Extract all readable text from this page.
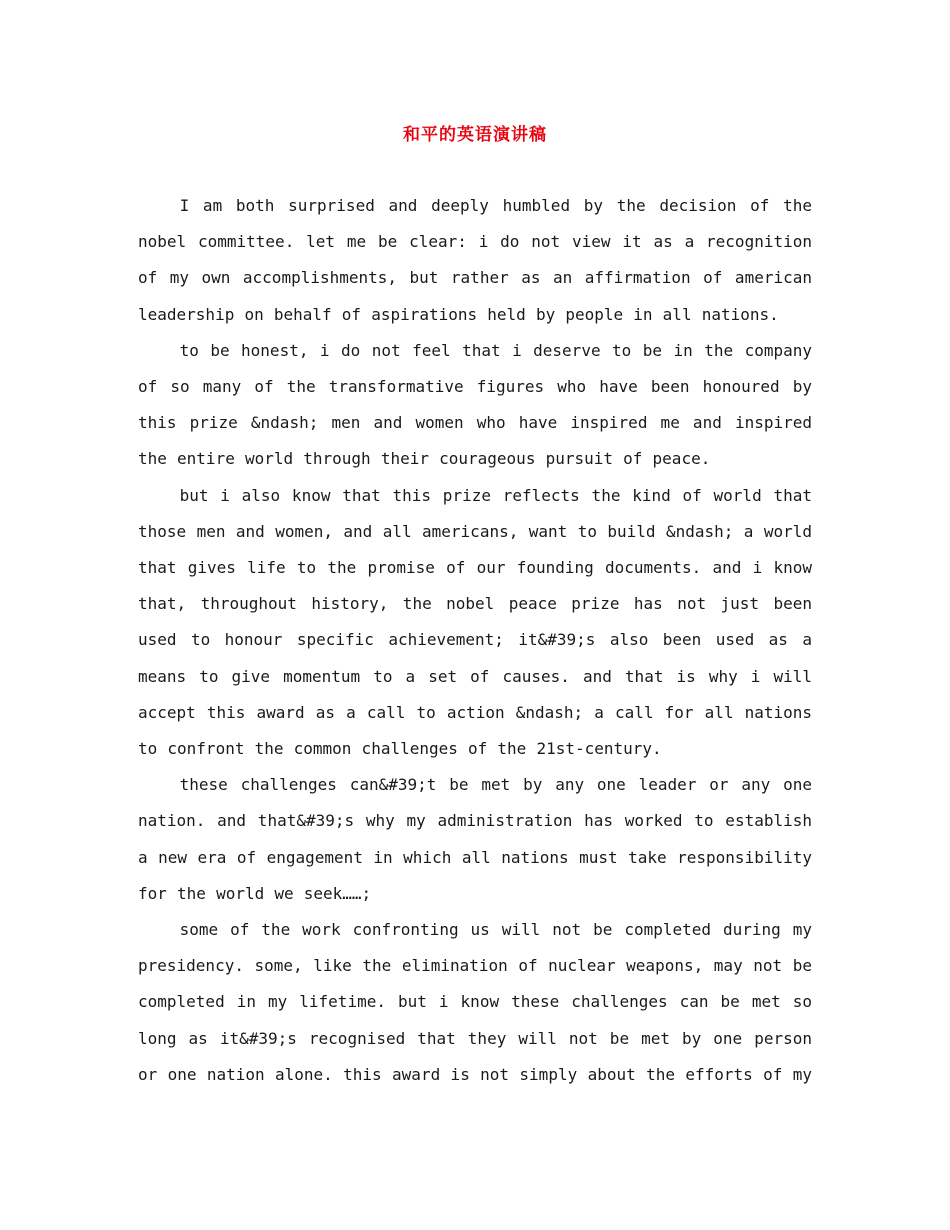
和平的英语演讲稿

I am both surprised and deeply humbled by the decision of the nobel committee. let me be clear: i do not view it as a recognition of my own accomplishments, but rather as an affirmation of american leadership on behalf of aspirations held by people in all nations.

to be honest, i do not feel that i deserve to be in the company of so many of the transformative figures who have been honoured by this prize &ndash; men and women who have inspired me and inspired the entire world through their courageous pursuit of peace.

but i also know that this prize reflects the kind of world that those men and women, and all americans, want to build &ndash; a world that gives life to the promise of our founding documents. and i know that, throughout history, the nobel peace prize has not just been used to honour specific achievement; it&#39;s also been used as a means to give momentum to a set of causes. and that is why i will accept this award as a call to action &ndash; a call for all nations to confront the common challenges of the 21st-century.

these challenges can&#39;t be met by any one leader or any one nation. and that&#39;s why my administration has worked to establish a new era of engagement in which all nations must take responsibility for the world we seek……;

some of the work confronting us will not be completed during my presidency. some, like the elimination of nuclear weapons, may not be completed in my lifetime. but i know these challenges can be met so long as it&#39;s recognised that they will not be met by one person or one nation alone. this award is not simply about the efforts of my
